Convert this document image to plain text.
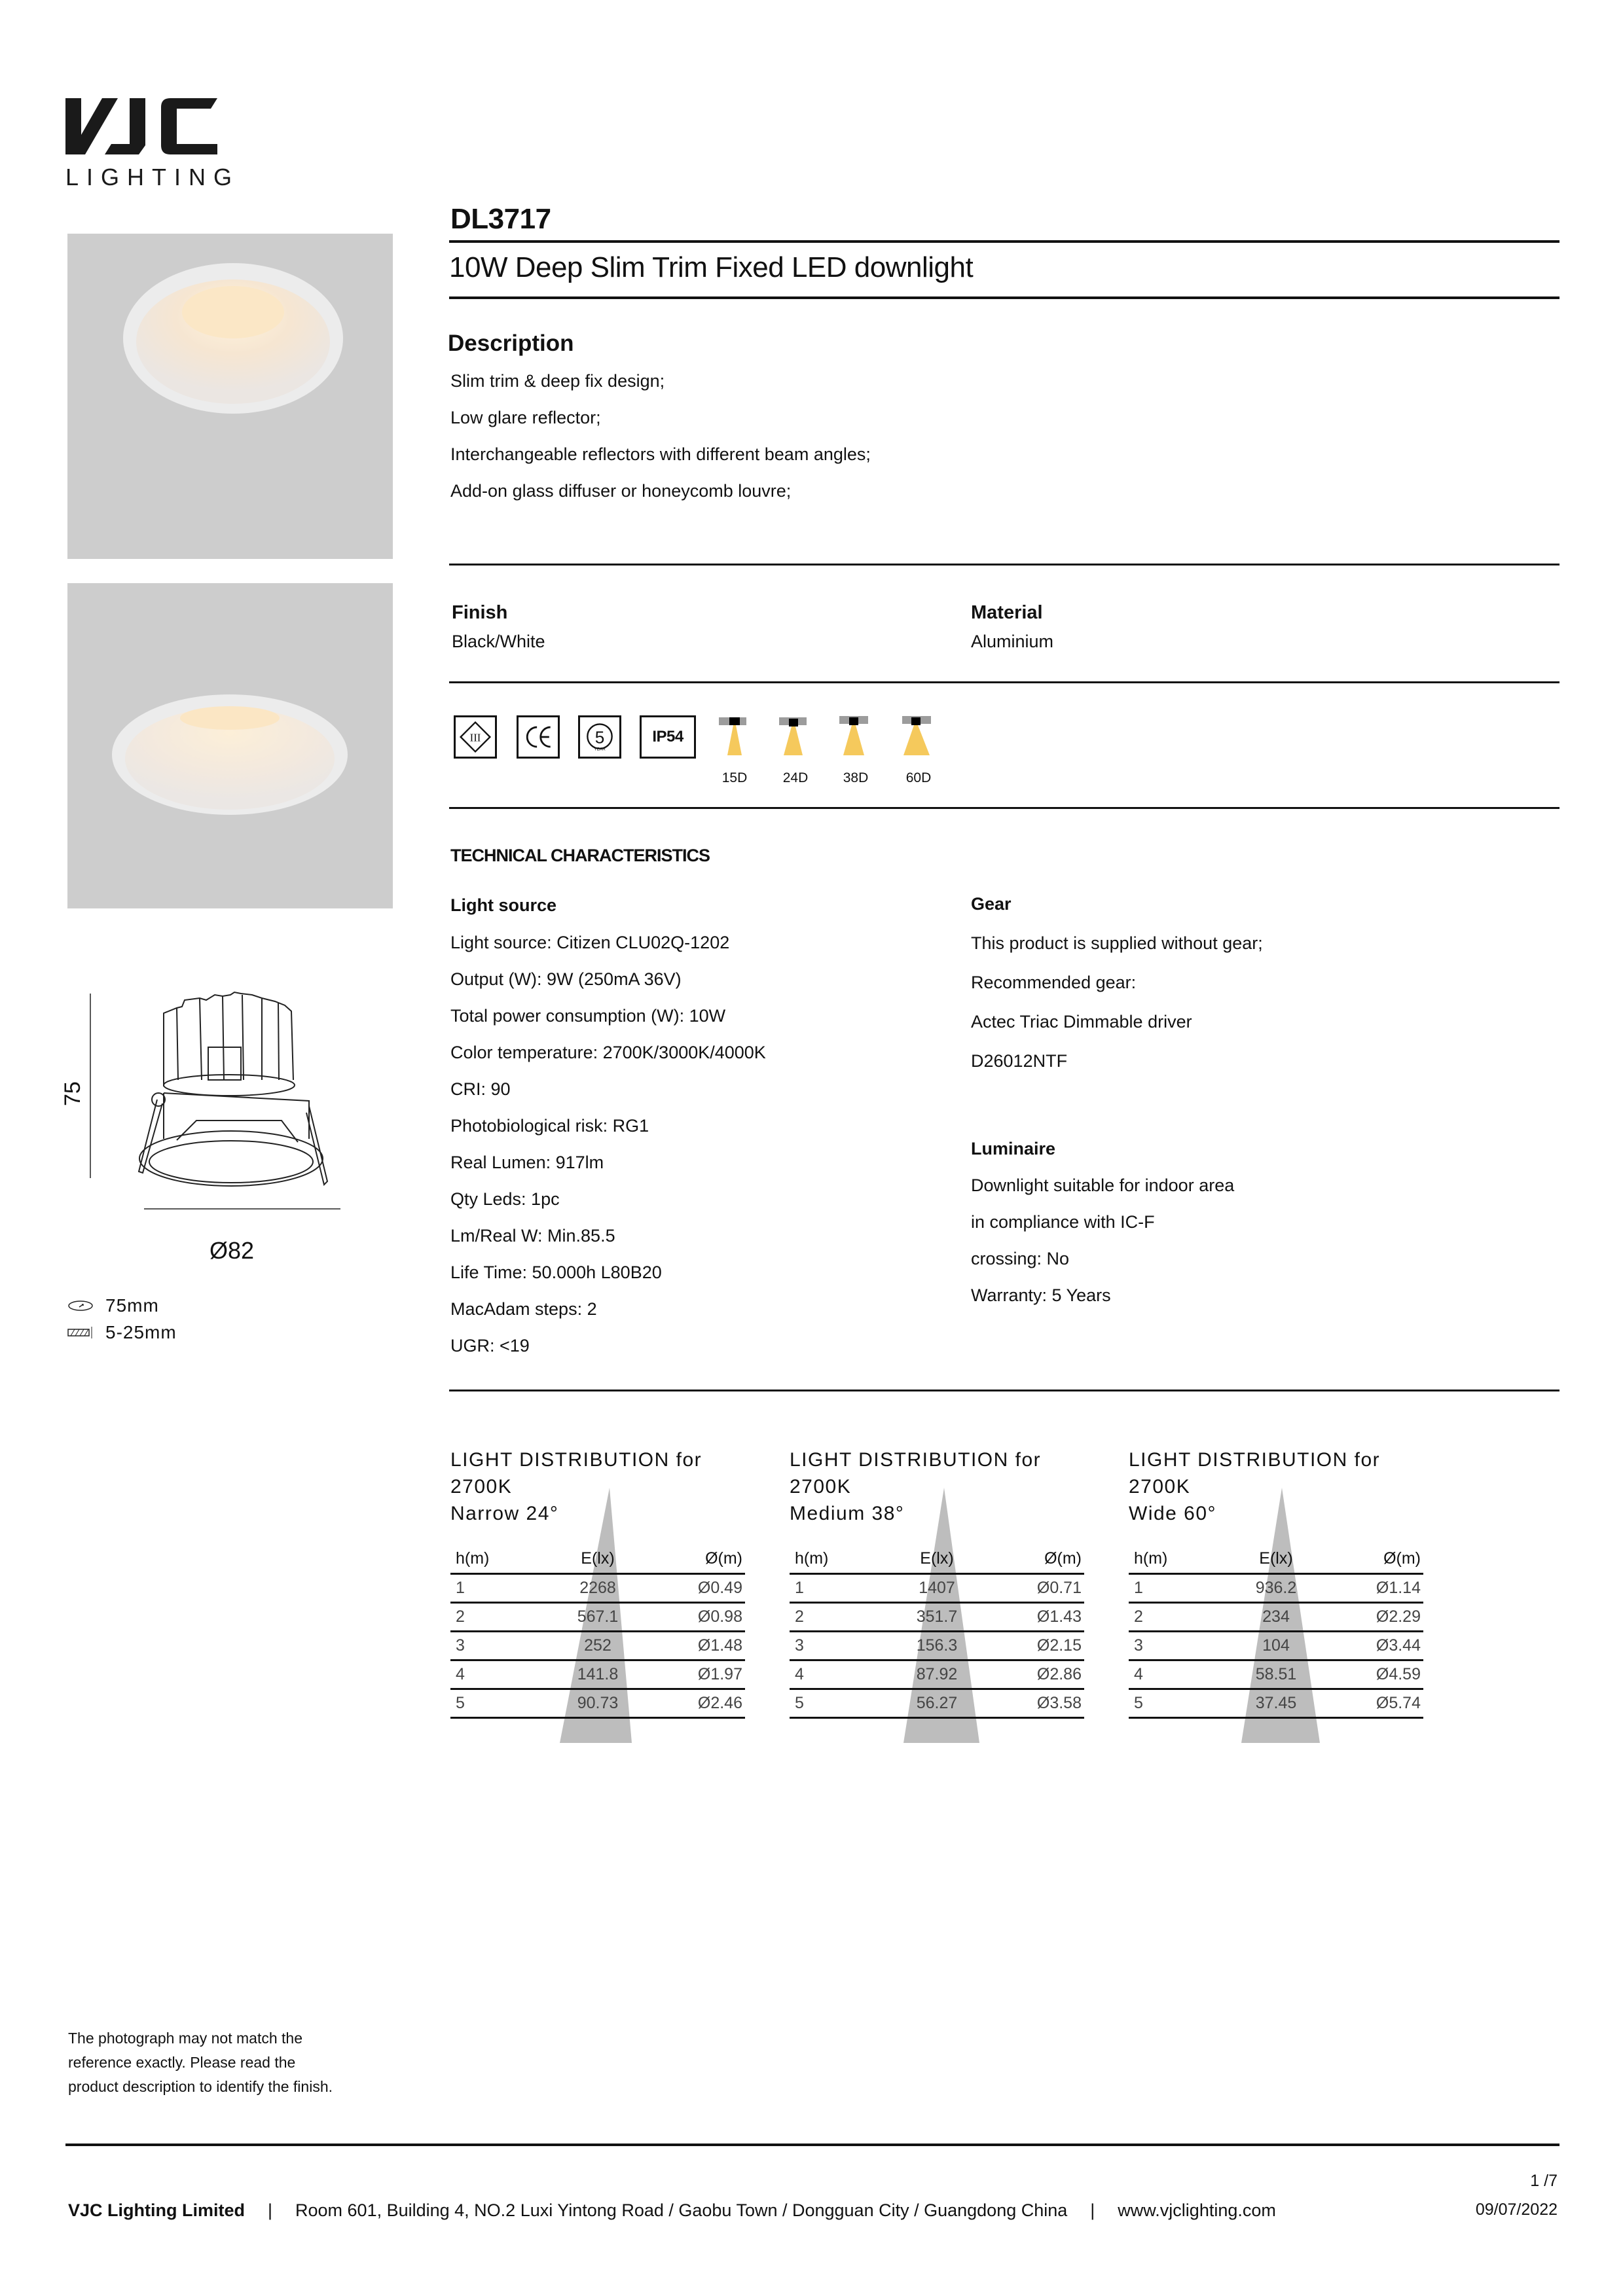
LIGHTING
DL3717
10W Deep Slim Trim Fixed LED downlight
Description
Slim trim & deep fix design;
Low glare reflector;
Interchangeable reflectors with different beam angles;
Add-on glass diffuser or honeycomb louvre;
Finish
Black/White
Material
Aluminium
III	5
YEAR
IP54
15D	24D	38D	60D
TECHNICAL CHARACTERISTICS
Light source
Light source: Citizen CLU02Q-1202
Output (W): 9W (250mA 36V)
Total power consumption (W): 10W
Color temperature: 2700K/3000K/4000K
CRI: 90
Photobiological risk: RG1
Real Lumen: 917lm
Qty Leds: 1pc
Lm/Real W: Min.85.5
Life Time: 50.000h L80B20
MacAdam steps: 2
UGR: <19
Gear
This product is supplied without gear;
Recommended gear:
Actec Triac Dimmable driver
D26012NTF
Luminaire
Downlight suitable for indoor area
in compliance with IC-F
crossing: No
Warranty: 5 Years
75
Ø82
75mm
5-25mm
LIGHT DISTRIBUTION for 2700K
Narrow 24°
h(m)	E(lx)	Ø(m)
1	2268	Ø0.49
2	567.1	Ø0.98
3	252	Ø1.48
4	141.8	Ø1.97
5	90.73	Ø2.46
LIGHT DISTRIBUTION for 2700K
Medium 38°
h(m)	E(lx)	Ø(m)
1	1407	Ø0.71
2	351.7	Ø1.43
3	156.3	Ø2.15
4	87.92	Ø2.86
5	56.27	Ø3.58
LIGHT DISTRIBUTION for 2700K
Wide 60°
h(m)	E(lx)	Ø(m)
1	936.2	Ø1.14
2	234	Ø2.29
3	104	Ø3.44
4	58.51	Ø4.59
5	37.45	Ø5.74
The photograph may not match the
reference exactly. Please read the
product description to identify the finish.
VJC Lighting Limited | Room 601, Building 4, NO.2 Luxi Yintong Road / Gaobu Town / Dongguan City / Guangdong China | www.vjclighting.com
1 /7
09/07/2022
